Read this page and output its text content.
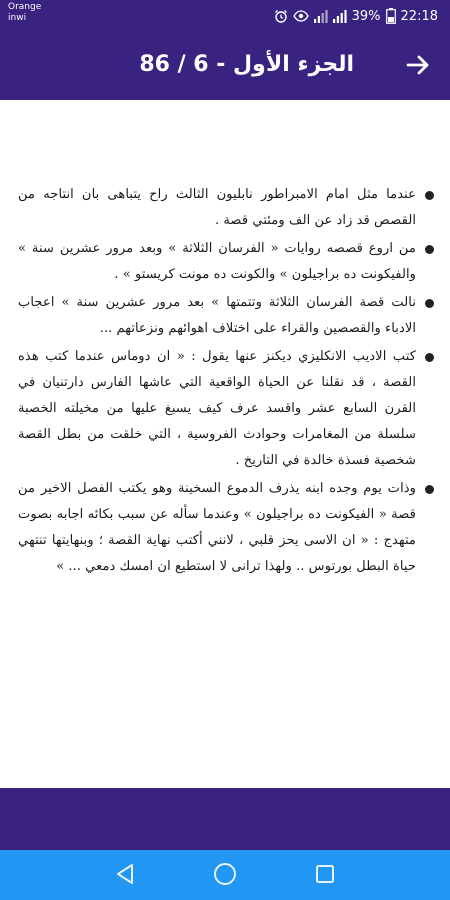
Orange
inwi	39% 22:18
الجزء الأول - 6 / 86
عندما مثل امام الامبراطور نابليون الثالث راح يتباهى بان انتاجه من القصص قد زاد عن الف ومئتي قصة .
من اروع قصصه روايات « الفرسان الثلاثة » وبعد مرور عشرين سنة » والفيكونت ده براجيلون » والكونت ده مونت كريستو » .
نالت قصة الفرسان الثلاثة وتتمتها » بعد مرور عشرين سنة » اعجاب الادباء والقصصين والقراء على اختلاف اهوائهم ونزعاتهم ...
كتب الاديب الانكليزي ديكنز عنها يقول : « ان دوماس عندما كتب هذه القصة ، قد نقلنا عن الحياة الواقعية التي عاشها الفارس دارتنيان في القرن السابع عشر واقسد عرف كيف يسبغ عليها من مخيلته الخصبة سلسلة من المغامرات وحوادث الفروسية ، التي خلقت من بطل القصة شخصية فسذة خالدة في التاريخ .
وذات يوم وجده ابنه يذرف الدموع السخينة وهو يكتب الفصل الاخير من قصة « الفيكونت ده براجيلون » وعندما سأله عن سبب بكائه اجابه بصوت متهدج : « ان الاسى يحز قلبي ، لانني أكتب نهاية القصة ؛ وبنهايتها تنتهي حياة البطل بورتوس .. ولهذا ترانى لا استطيع ان امسك دمعي ... »
